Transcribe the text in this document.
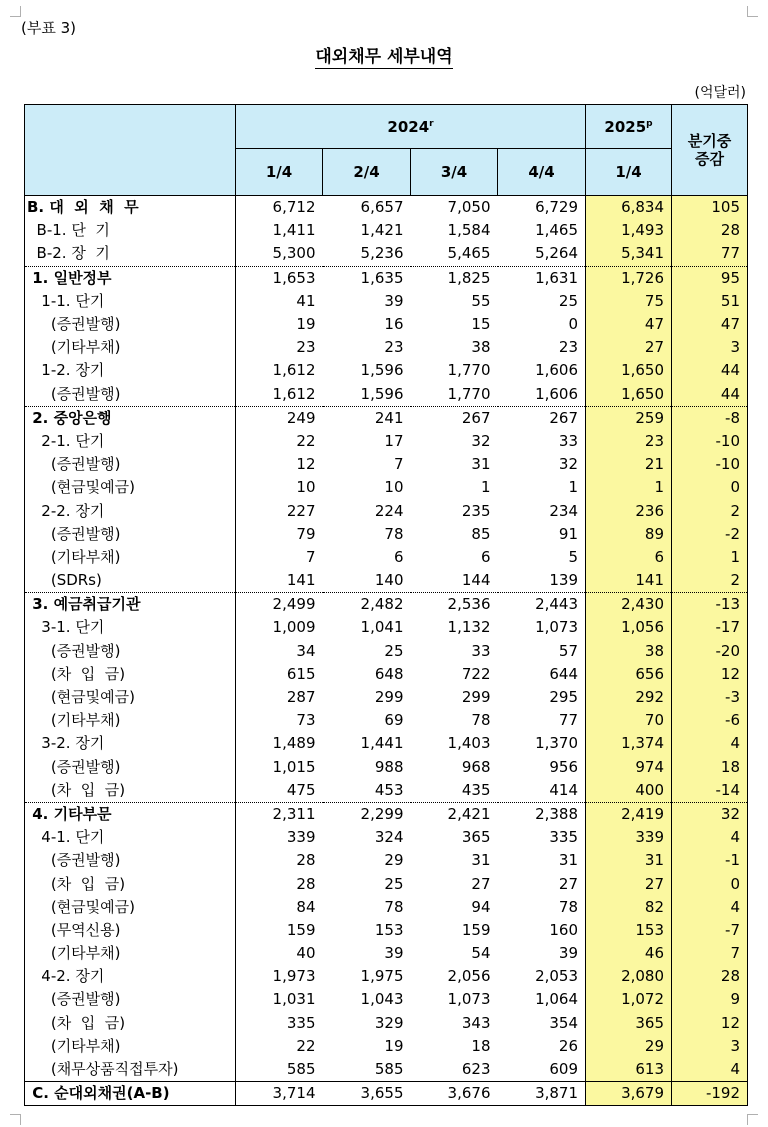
(부표 3)
대외채무 세부내역
(억달러)
	2024$^r$				2025$^p$	분기중 증감
	1/4	2/4	3/4	4/4	1/4	
B. 대  외  채  무	6,712	6,657	7,050	6,729	6,834	105
B-1. 단  기	1,411	1,421	1,584	1,465	1,493	28
B-2. 장  기	5,300	5,236	5,465	5,264	5,341	77
1. 일반정부	1,653	1,635	1,825	1,631	1,726	95
1-1. 단기	41	39	55	25	75	51
(증권발행)	19	16	15	0	47	47
(기타부채)	23	23	38	23	27	3
1-2. 장기	1,612	1,596	1,770	1,606	1,650	44
(증권발행)	1,612	1,596	1,770	1,606	1,650	44
2. 중앙은행	249	241	267	267	259	-8
2-1. 단기	22	17	32	33	23	-10
(증권발행)	12	7	31	32	21	-10
(현금및예금)	10	10	1	1	1	0
2-2. 장기	227	224	235	234	236	2
(증권발행)	79	78	85	91	89	-2
(기타부채)	7	6	6	5	6	1
(SDRs)	141	140	144	139	141	2
3. 예금취급기관	2,499	2,482	2,536	2,443	2,430	-13
3-1. 단기	1,009	1,041	1,132	1,073	1,056	-17
(증권발행)	34	25	33	57	38	-20
(차  입  금)	615	648	722	644	656	12
(현금및예금)	287	299	299	295	292	-3
(기타부채)	73	69	78	77	70	-6
3-2. 장기	1,489	1,441	1,403	1,370	1,374	4
(증권발행)	1,015	988	968	956	974	18
(차  입  금)	475	453	435	414	400	-14
4. 기타부문	2,311	2,299	2,421	2,388	2,419	32
4-1. 단기	339	324	365	335	339	4
(증권발행)	28	29	31	31	31	-1
(차  입  금)	28	25	27	27	27	0
(현금및예금)	84	78	94	78	82	4
(무역신용)	159	153	159	160	153	-7
(기타부채)	40	39	54	39	46	7
4-2. 장기	1,973	1,975	2,056	2,053	2,080	28
(증권발행)	1,031	1,043	1,073	1,064	1,072	9
(차  입  금)	335	329	343	354	365	12
(기타부채)	22	19	18	26	29	3
(채무상품직접투자)	585	585	623	609	613	4
C. 순대외채권(A-B)	3,714	3,655	3,676	3,871	3,679	-192
